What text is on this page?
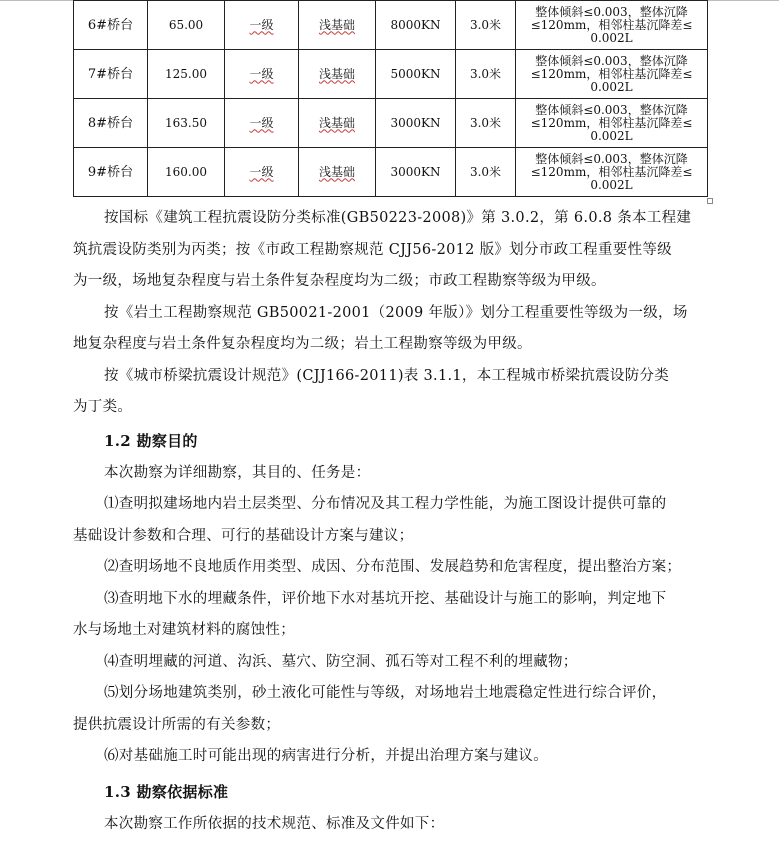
6#桥台	65.00	一级	浅基础	8000KN	3.0米	整体倾斜≤0.003，整体沉降
≤120mm，相邻柱基沉降差≤
0.002L

7#桥台	125.00	一级	浅基础	5000KN	3.0米	整体倾斜≤0.003，整体沉降
≤120mm，相邻柱基沉降差≤
0.002L

8#桥台	163.50	一级	浅基础	3000KN	3.0米	整体倾斜≤0.003，整体沉降
≤120mm，相邻柱基沉降差≤
0.002L

9#桥台	160.00	一级	浅基础	3000KN	3.0米	整体倾斜≤0.003，整体沉降
≤120mm，相邻柱基沉降差≤
0.002L

按国标《建筑工程抗震设防分类标准(GB50223-2008)》第 3.0.2，第 6.0.8 条本工程建

筑抗震设防类别为丙类；按《市政工程勘察规范 CJJ56-2012 版》划分市政工程重要性等级

为一级，场地复杂程度与岩土条件复杂程度均为二级；市政工程勘察等级为甲级。

按《岩土工程勘察规范 GB50021-2001（2009 年版）》划分工程重要性等级为一级，场

地复杂程度与岩土条件复杂程度均为二级；岩土工程勘察等级为甲级。

按《城市桥梁抗震设计规范》(CJJ166-2011)表 3.1.1，本工程城市桥梁抗震设防分类

为丁类。

1.2 勘察目的

本次勘察为详细勘察，其目的、任务是：

⑴查明拟建场地内岩土层类型、分布情况及其工程力学性能，为施工图设计提供可靠的

基础设计参数和合理、可行的基础设计方案与建议；

⑵查明场地不良地质作用类型、成因、分布范围、发展趋势和危害程度，提出整治方案；

⑶查明地下水的埋藏条件，评价地下水对基坑开挖、基础设计与施工的影响，判定地下

水与场地土对建筑材料的腐蚀性；

⑷查明埋藏的河道、沟浜、墓穴、防空洞、孤石等对工程不利的埋藏物；

⑸划分场地建筑类别，砂土液化可能性与等级，对场地岩土地震稳定性进行综合评价，

提供抗震设计所需的有关参数；

⑹对基础施工时可能出现的病害进行分析，并提出治理方案与建议。

1.3 勘察依据标准

本次勘察工作所依据的技术规范、标准及文件如下：
